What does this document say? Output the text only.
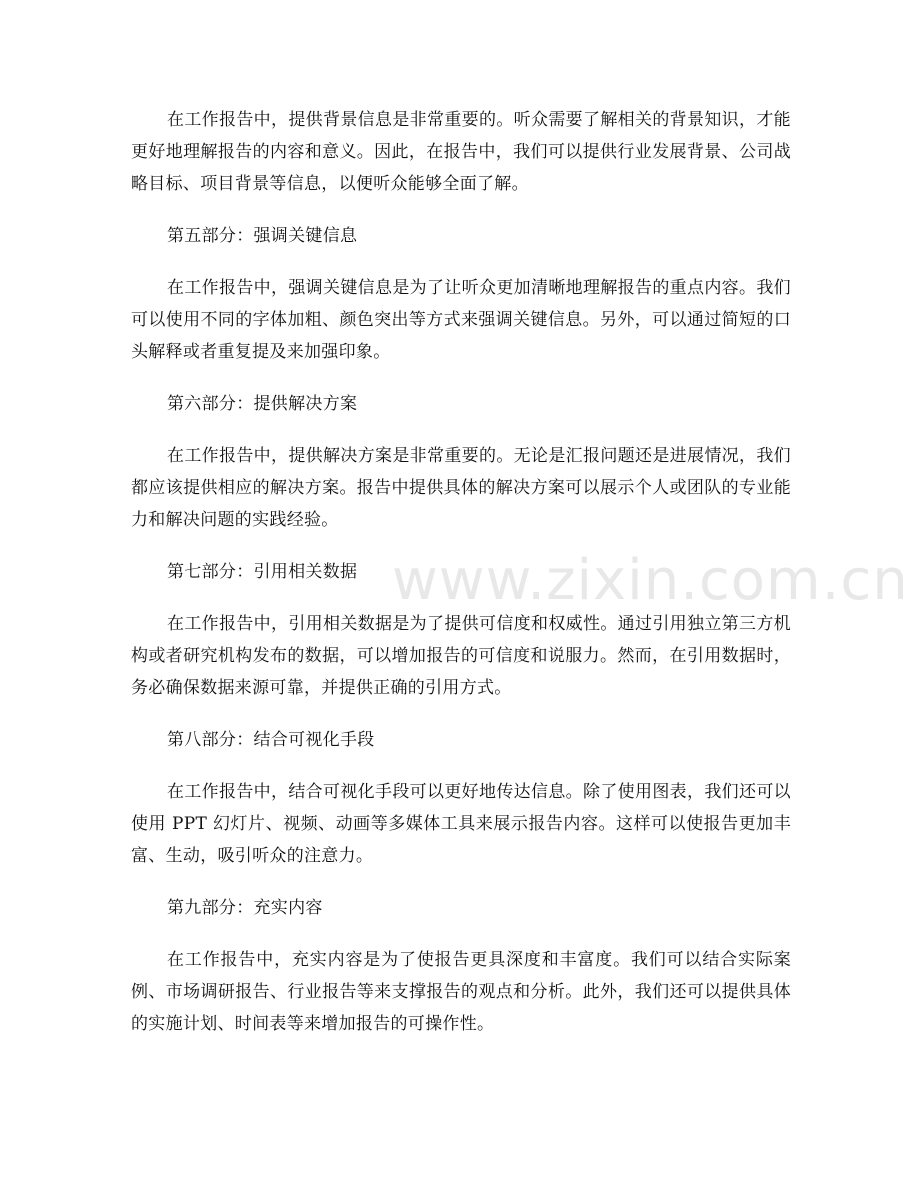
在工作报告中，提供背景信息是非常重要的。听众需要了解相关的背景知识，才能更好地理解报告的内容和意义。因此，在报告中，我们可以提供行业发展背景、公司战略目标、项目背景等信息，以便听众能够全面了解。

第五部分：强调关键信息

在工作报告中，强调关键信息是为了让听众更加清晰地理解报告的重点内容。我们可以使用不同的字体加粗、颜色突出等方式来强调关键信息。另外，可以通过简短的口头解释或者重复提及来加强印象。

第六部分：提供解决方案

在工作报告中，提供解决方案是非常重要的。无论是汇报问题还是进展情况，我们都应该提供相应的解决方案。报告中提供具体的解决方案可以展示个人或团队的专业能力和解决问题的实践经验。

第七部分：引用相关数据

在工作报告中，引用相关数据是为了提供可信度和权威性。通过引用独立第三方机构或者研究机构发布的数据，可以增加报告的可信度和说服力。然而，在引用数据时，务必确保数据来源可靠，并提供正确的引用方式。

第八部分：结合可视化手段

在工作报告中，结合可视化手段可以更好地传达信息。除了使用图表，我们还可以使用 PPT 幻灯片、视频、动画等多媒体工具来展示报告内容。这样可以使报告更加丰富、生动，吸引听众的注意力。

第九部分：充实内容

在工作报告中，充实内容是为了使报告更具深度和丰富度。我们可以结合实际案例、市场调研报告、行业报告等来支撑报告的观点和分析。此外，我们还可以提供具体的实施计划、时间表等来增加报告的可操作性。

www.zixin.com.cn
